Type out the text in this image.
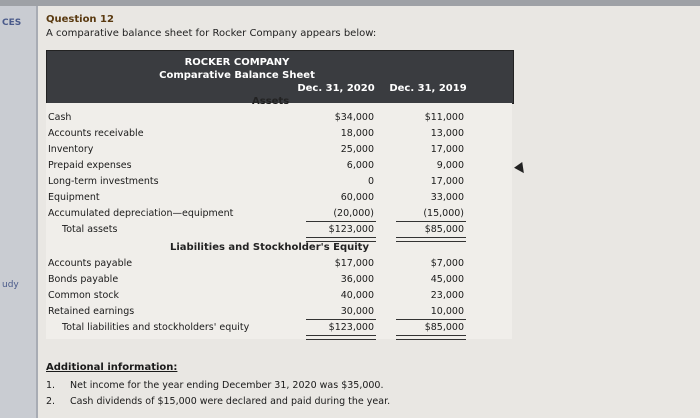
CES
udy
Question 12
A comparative balance sheet for Rocker Company appears below:
ROCKER COMPANY
Comparative Balance Sheet
Dec. 31, 2020	Dec. 31, 2019
Assets
Cash	$34,000	$11,000
Accounts receivable	18,000	13,000
Inventory	25,000	17,000
Prepaid expenses	6,000	9,000
Long-term investments	0	17,000
Equipment	60,000	33,000
Accumulated depreciation—equipment	(20,000)	(15,000)
Total assets	$123,000	$85,000
Liabilities and Stockholder's Equity
Accounts payable	$17,000	$7,000
Bonds payable	36,000	45,000
Common stock	40,000	23,000
Retained earnings	30,000	10,000
Total liabilities and stockholders' equity	$123,000	$85,000
Additional information:
1. Net income for the year ending December 31, 2020 was $35,000.
2. Cash dividends of $15,000 were declared and paid during the year.
